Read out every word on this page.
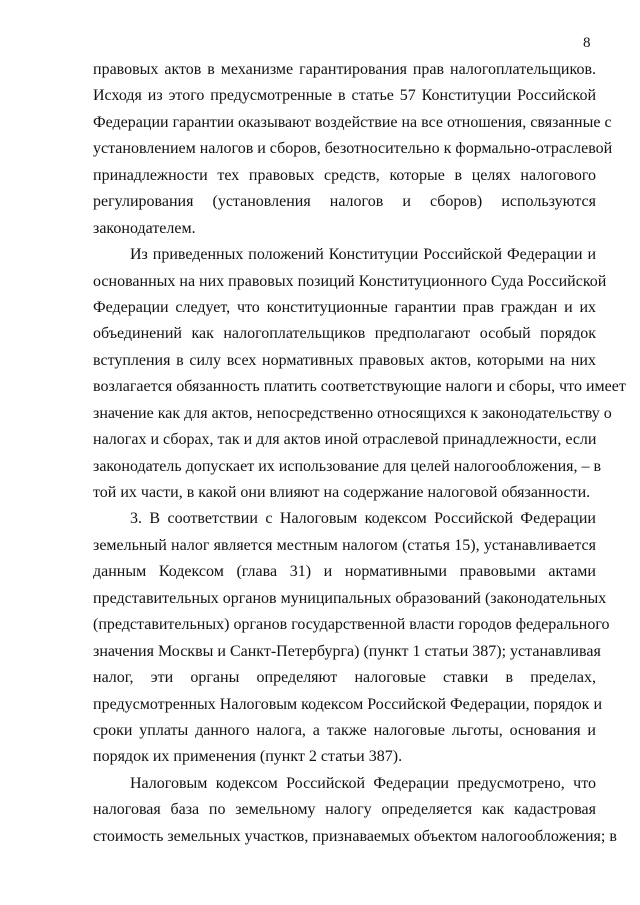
8
правовых актов в механизме гарантирования прав налогоплательщиков.
Исходя из этого предусмотренные в статье 57 Конституции Российской
Федерации гарантии оказывают воздействие на все отношения, связанные с
установлением налогов и сборов, безотносительно к формально-отраслевой
принадлежности тех правовых средств, которые в целях налогового
регулирования (установления налогов и сборов) используются
законодателем.
Из приведенных положений Конституции Российской Федерации и
основанных на них правовых позиций Конституционного Суда Российской
Федерации следует, что конституционные гарантии прав граждан и их
объединений как налогоплательщиков предполагают особый порядок
вступления в силу всех нормативных правовых актов, которыми на них
возлагается обязанность платить соответствующие налоги и сборы, что имеет
значение как для актов, непосредственно относящихся к законодательству о
налогах и сборах, так и для актов иной отраслевой принадлежности, если
законодатель допускает их использование для целей налогообложения, – в
той их части, в какой они влияют на содержание налоговой обязанности.
3. В соответствии с Налоговым кодексом Российской Федерации
земельный налог является местным налогом (статья 15), устанавливается
данным Кодексом (глава 31) и нормативными правовыми актами
представительных органов муниципальных образований (законодательных
(представительных) органов государственной власти городов федерального
значения Москвы и Санкт-Петербурга) (пункт 1 статьи 387); устанавливая
налог, эти органы определяют налоговые ставки в пределах,
предусмотренных Налоговым кодексом Российской Федерации, порядок и
сроки уплаты данного налога, а также налоговые льготы, основания и
порядок их применения (пункт 2 статьи 387).
Налоговым кодексом Российской Федерации предусмотрено, что
налоговая база по земельному налогу определяется как кадастровая
стоимость земельных участков, признаваемых объектом налогообложения; в
